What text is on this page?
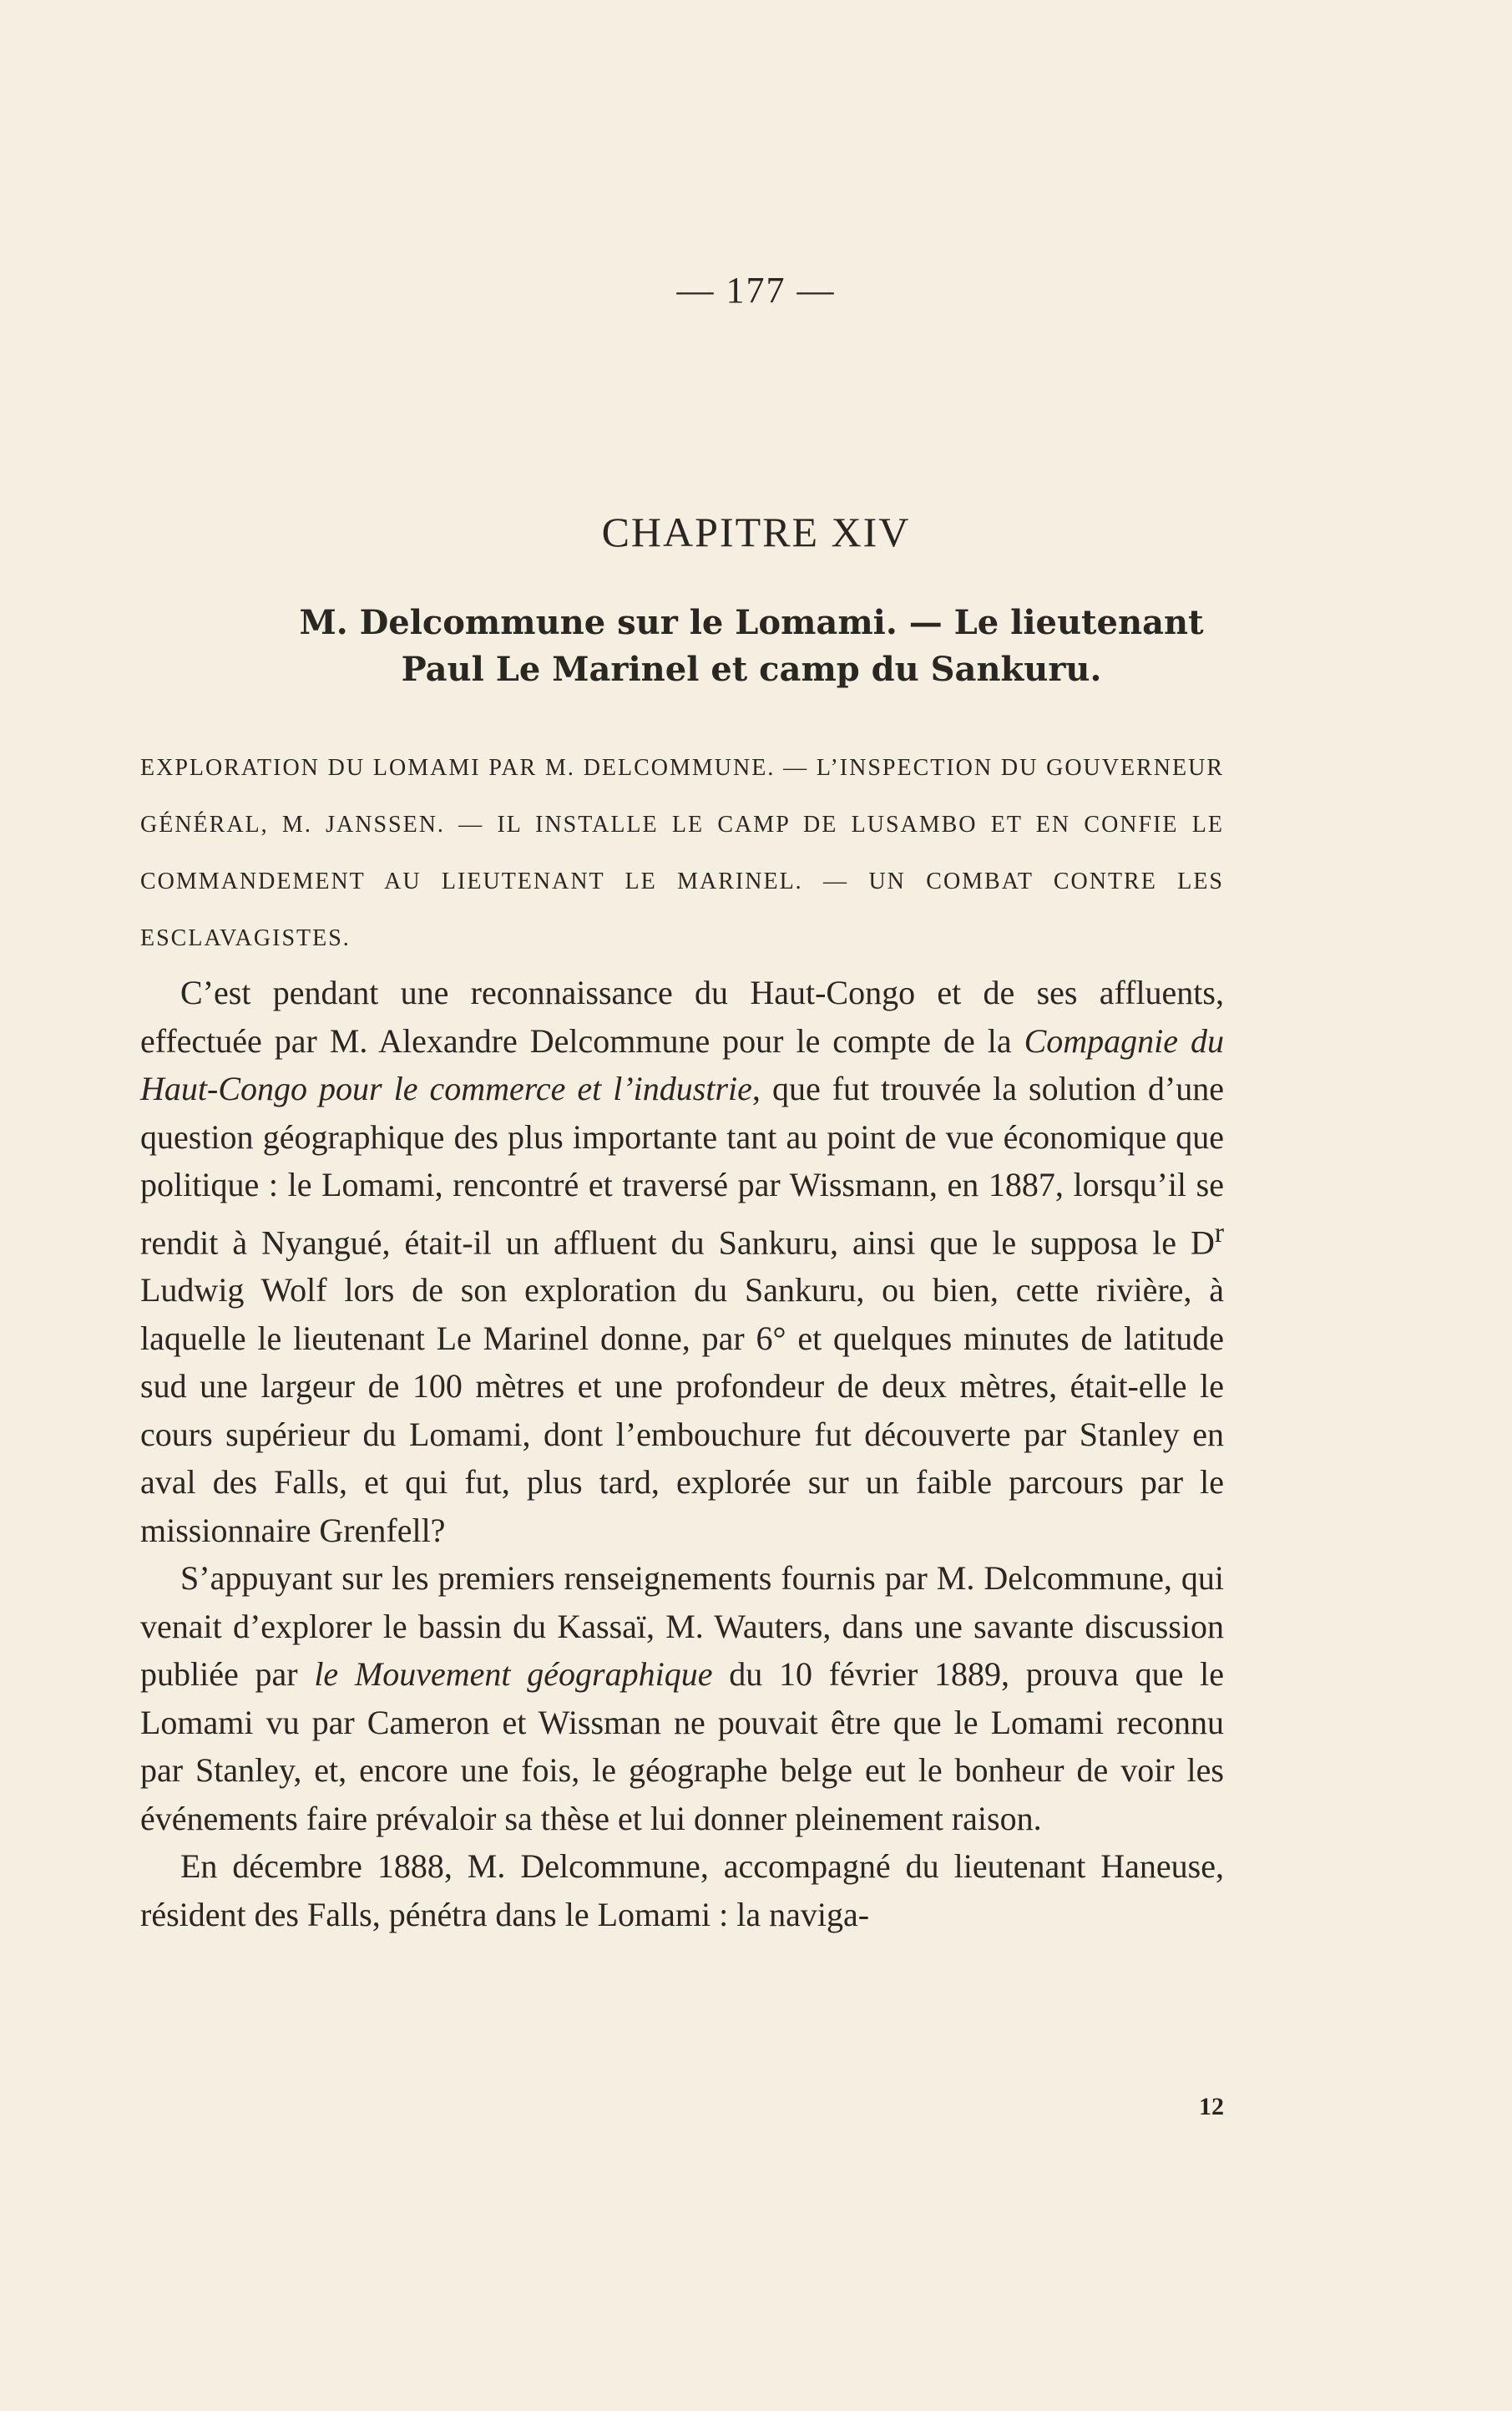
— 177 —
CHAPITRE XIV
M. Delcommune sur le Lomami. — Le lieutenant
Paul Le Marinel et camp du Sankuru.
EXPLORATION DU LOMAMI PAR M. DELCOMMUNE. — L’INSPECTION DU GOUVERNEUR GÉNÉRAL, M. JANSSEN. — IL INSTALLE LE CAMP DE LUSAMBO ET EN CONFIE LE COMMANDEMENT AU LIEUTENANT LE MARINEL. — UN COMBAT CONTRE LES ESCLAVAGISTES.

C’est pendant une reconnaissance du Haut-Congo et de ses affluents, effectuée par M. Alexandre Delcommune pour le compte de la Compagnie du Haut-Congo pour le commerce et l’industrie, que fut trouvée la solution d’une question géographique des plus importante tant au point de vue économique que politique : le Lomami, rencontré et traversé par Wissmann, en 1887, lorsqu’il se rendit à Nyangué, était-il un affluent du Sankuru, ainsi que le supposa le $D^r$ Ludwig Wolf lors de son exploration du Sankuru, ou bien, cette rivière, à laquelle le lieutenant Le Marinel donne, par 6° et quelques minutes de latitude sud une largeur de 100 mètres et une profondeur de deux mètres, était-elle le cours supérieur du Lomami, dont l’embouchure fut découverte par Stanley en aval des Falls, et qui fut, plus tard, explorée sur un faible parcours par le missionnaire Grenfell?

S’appuyant sur les premiers renseignements fournis par M. Delcommune, qui venait d’explorer le bassin du Kassaï, M. Wauters, dans une savante discussion publiée par le Mouvement géographique du 10 février 1889, prouva que le Lomami vu par Cameron et Wissman ne pouvait être que le Lomami reconnu par Stanley, et, encore une fois, le géographe belge eut le bonheur de voir les événements faire prévaloir sa thèse et lui donner pleinement raison.

En décembre 1888, M. Delcommune, accompagné du lieutenant Haneuse, résident des Falls, pénétra dans le Lomami : la naviga-

12
